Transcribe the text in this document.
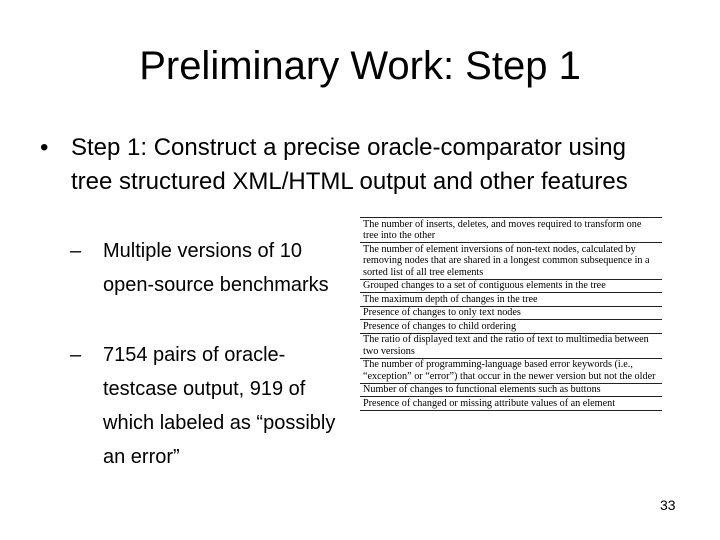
Preliminary Work: Step 1
• Step 1: Construct a precise oracle-comparator using tree structured XML/HTML output and other features
– Multiple versions of 10 open-source benchmarks
– 7154 pairs of oracle-testcase output, 919 of which labeled as “possibly an error”
The number of inserts, deletes, and moves required to transform one tree into the other
The number of element inversions of non-text nodes, calculated by removing nodes that are shared in a longest common subsequence in a sorted list of all tree elements
Grouped changes to a set of contiguous elements in the tree
The maximum depth of changes in the tree
Presence of changes to only text nodes
Presence of changes to child ordering
The ratio of displayed text and the ratio of text to multimedia between two versions
The number of programming-language based error keywords (i.e., “exception” or “error”) that occur in the newer version but not the older
Number of changes to functional elements such as buttons
Presence of changed or missing attribute values of an element
33
